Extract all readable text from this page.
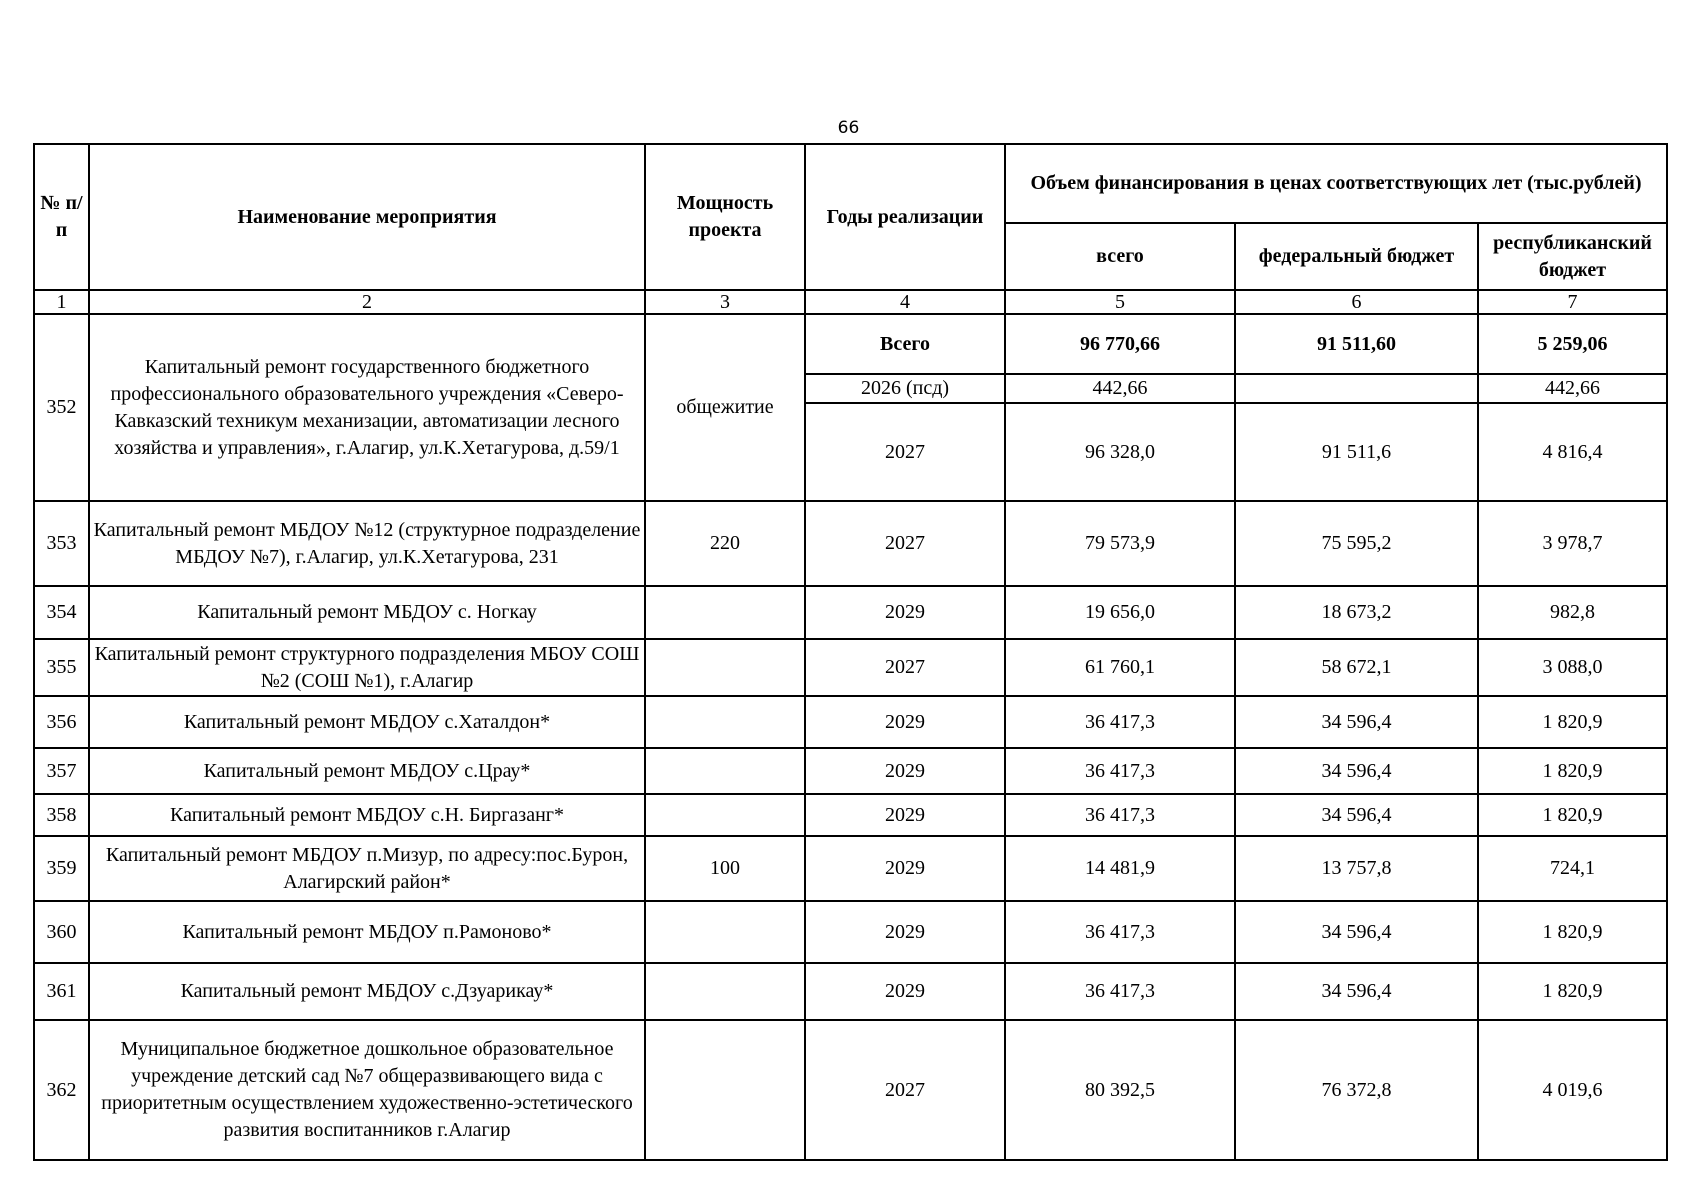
66
№ п/п	Наименование мероприятия	Мощность проекта	Годы реализации	Объем финансирования в ценах соответствующих лет (тыс.рублей)		
				всего	федеральный бюджет	республиканский бюджет
1	2	3	4	5	6	7
352	Капитальный ремонт государственного бюджетного профессионального образовательного учреждения «Северо-Кавказский техникум механизации, автоматизации лесного хозяйства и управления», г.Алагир, ул.К.Хетагурова, д.59/1	общежитие	Всего	96 770,66	91 511,60	5 259,06
			2026 (псд)	442,66		442,66
			2027	96 328,0	91 511,6	4 816,4
353	Капитальный ремонт МБДОУ №12 (структурное подразделение МБДОУ №7), г.Алагир, ул.К.Хетагурова, 231	220	2027	79 573,9	75 595,2	3 978,7
354	Капитальный ремонт МБДОУ с. Ногкау		2029	19 656,0	18 673,2	982,8
355	Капитальный ремонт структурного подразделения МБОУ СОШ №2 (СОШ №1), г.Алагир		2027	61 760,1	58 672,1	3 088,0
356	Капитальный ремонт МБДОУ с.Хаталдон*		2029	36 417,3	34 596,4	1 820,9
357	Капитальный ремонт МБДОУ с.Црау*		2029	36 417,3	34 596,4	1 820,9
358	Капитальный ремонт МБДОУ с.Н. Биргазанг*		2029	36 417,3	34 596,4	1 820,9
359	Капитальный ремонт МБДОУ п.Мизур, по адресу:пос.Бурон, Алагирский район*	100	2029	14 481,9	13 757,8	724,1
360	Капитальный ремонт МБДОУ п.Рамоново*		2029	36 417,3	34 596,4	1 820,9
361	Капитальный ремонт МБДОУ с.Дзуарикау*		2029	36 417,3	34 596,4	1 820,9
362	Муниципальное бюджетное дошкольное образовательное учреждение детский сад №7 общеразвивающего вида с приоритетным осуществлением художественно-эстетического развития воспитанников г.Алагир		2027	80 392,5	76 372,8	4 019,6
